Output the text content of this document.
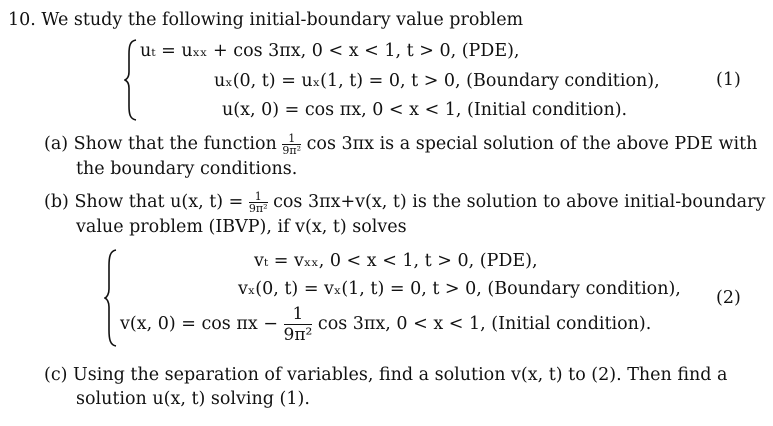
10. We study the following initial-boundary value problem
uₜ = uₓₓ + cos 3πx, 0 < x < 1, t > 0, (PDE),
uₓ(0, t) = uₓ(1, t) = 0, t > 0, (Boundary condition),
u(x, 0) = cos πx, 0 < x < 1, (Initial condition).
(1)
(a) Show that the function $\frac{1}{\text{9π²}}$ cos 3πx is a special solution of the above PDE with
the boundary conditions.
(b) Show that u(x, $t) = \frac{1}{\text{9π²}}$ cos 3πx+v(x, t) is the solution to above initial-boundary
value problem (IBVP), if v(x, t) solves
vₜ = vₓₓ, 0 < x < 1, t > 0, (PDE),
vₓ(0, t) = vₓ(1, t) = 0, t > 0, (Boundary condition),
v(x, $0) = \cos \pi x - \frac{1}{\text{9π²}}$ cos 3πx, 0 < x < 1, (Initial condition).
(2)
(c) Using the separation of variables, find a solution v(x, t) to (2). Then find a
solution u(x, t) solving (1).
